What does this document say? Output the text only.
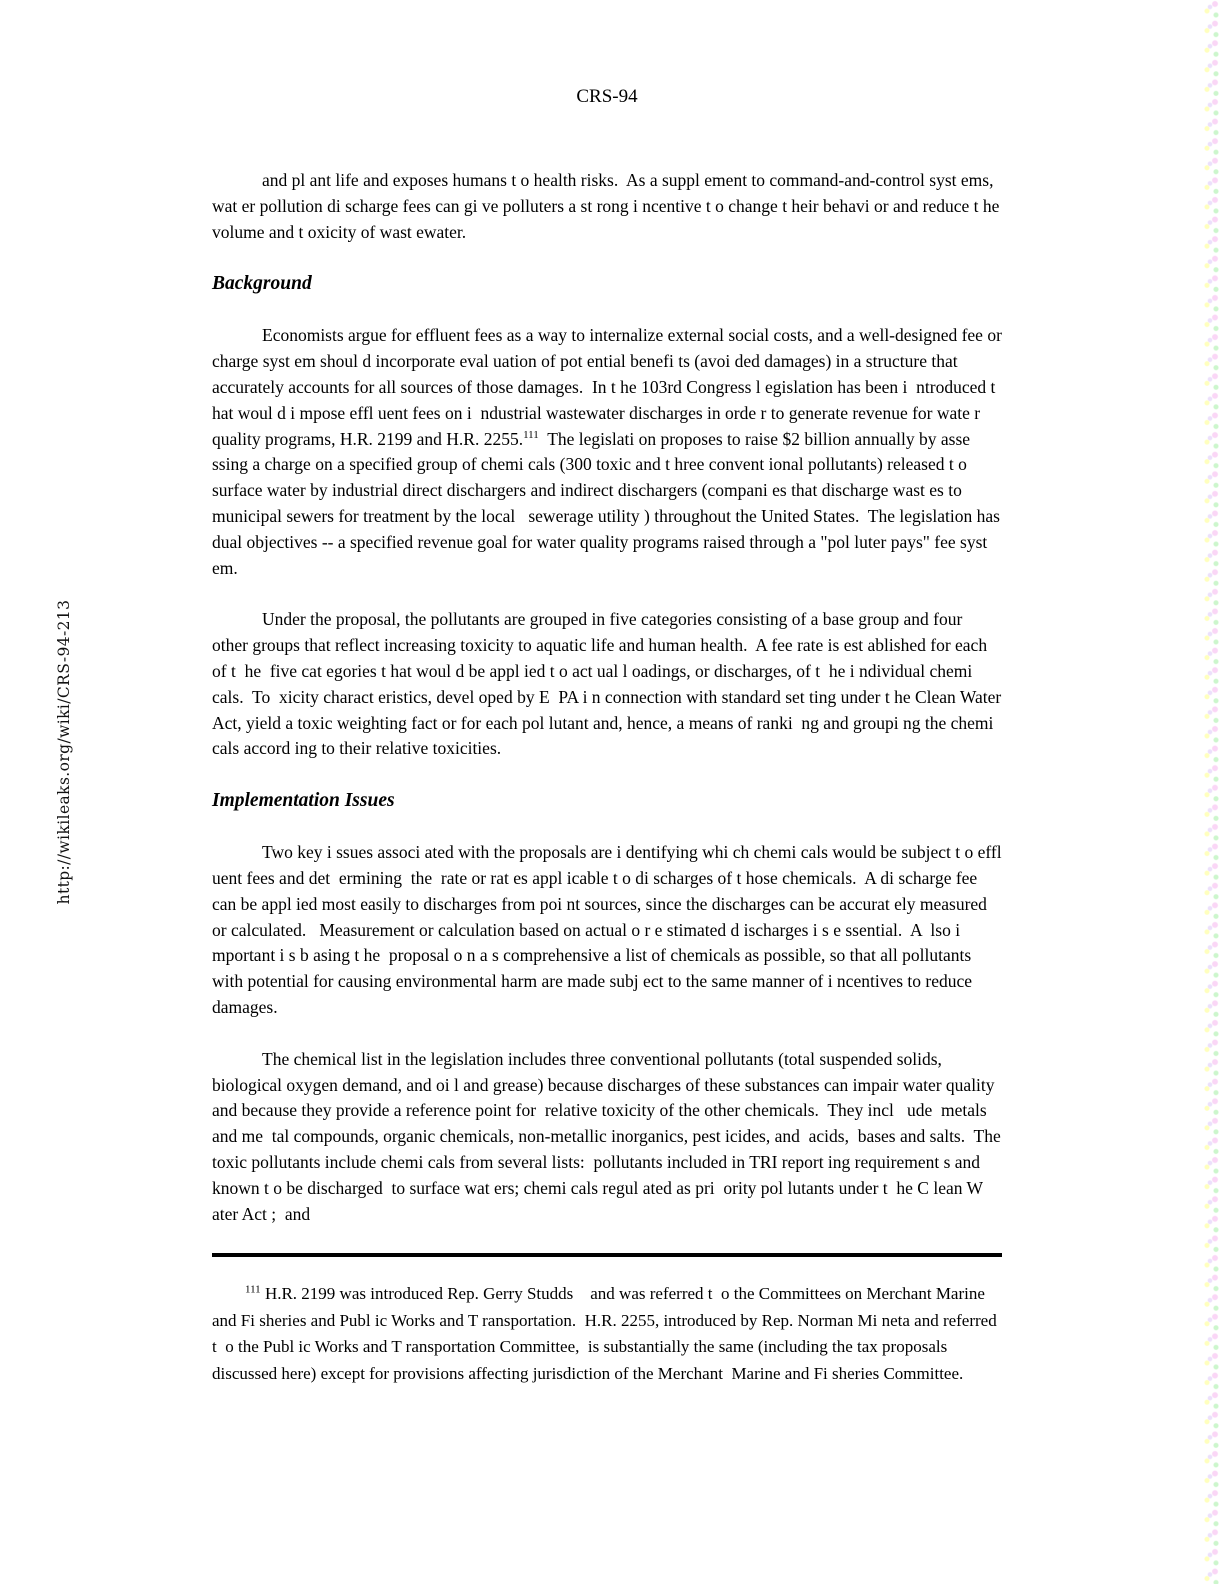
http://wikileaks.org/wiki/CRS-94-213
CRS-94

and pl ant life and exposes humans t o health risks.  As a suppl ement to command-and-control syst ems, wat er pollution di scharge fees can gi ve polluters a st rong i ncentive t o change t heir behavi or and reduce t he volume and t oxicity of wast ewater.

Background

Economists argue for effluent fees as a way to internalize external social costs, and a well-designed fee or   charge syst em shoul d incorporate eval uation of pot ential benefi ts (avoi ded damages) in a structure that accurately accounts for all sources of those damages.  In t he 103rd Congress l egislation has been i  ntroduced t hat woul d i mpose effl uent fees on i  ndustrial wastewater discharges in orde r to generate revenue for wate r quality programs, H.R. 2199 and H.R. 2255.$^{111}$  The legislati on proposes to raise $2 billion annually by asse ssing a charge on a specified group of chemi cals (300 toxic and t hree convent ional pollutants) released t o surface water by industrial direct dischargers and indirect dischargers (compani es that discharge wast es to municipal sewers for treatment by the local   sewerage utility ) throughout the United States.  The legislation has dual objectives -- a specified revenue goal for water quality programs raised through a "pol luter pays" fee syst em.

Under the proposal, the pollutants are grouped in five categories consisting of a base group and four other groups that reflect increasing toxicity to aquatic life and human health.  A fee rate is est ablished for each of t  he  five cat egories t hat woul d be appl ied t o act ual l oadings, or discharges, of t  he i ndividual chemi cals.  To  xicity charact eristics, devel oped by E  PA i n connection with standard set ting under t he Clean Water Act, yield a toxic weighting fact or for each pol lutant and, hence, a means of ranki  ng and groupi ng the chemi cals accord ing to their relative toxicities.

Implementation Issues

Two key i ssues associ ated with the proposals are i dentifying whi ch chemi cals would be subject t o effl uent fees and det  ermining  the  rate or rat es appl icable t o di scharges of t hose chemicals.  A di scharge fee can be appl ied most easily to discharges from poi nt sources, since the discharges can be accurat ely measured or calculated.   Measurement or calculation based on actual o r e stimated d ischarges i s e ssential.  A  lso i mportant i s b asing t he  proposal o n a s comprehensive a list of chemicals as possible, so that all pollutants with potential for causing environmental harm are made subj ect to the same manner of i ncentives to reduce damages.

The chemical list in the legislation includes three conventional pollutants (total suspended solids, biological oxygen demand, and oi l and grease) because discharges of these substances can impair water quality and because they provide a reference point for  relative toxicity of the other chemicals.  They incl   ude  metals and me  tal compounds, organic chemicals, non-metallic inorganics, pest icides, and  acids,  bases and salts.  The toxic pollutants include chemi cals from several lists:  pollutants included in TRI report ing requirement s and known t o be discharged  to surface wat ers; chemi cals regul ated as pri  ority pol lutants under t  he C lean W ater Act ;  and

$^{111}$ H.R. 2199 was introduced Rep. Gerry Studds    and was referred t  o the Committees on Merchant Marine and Fi sheries and Publ ic Works and T ransportation.  H.R. 2255, introduced by Rep. Norman Mi neta and referred t  o the Publ ic Works and T ransportation Committee,  is substantially the same (including the tax proposals discussed here) except for provisions affecting jurisdiction of the Merchant  Marine and Fi sheries Committee.
